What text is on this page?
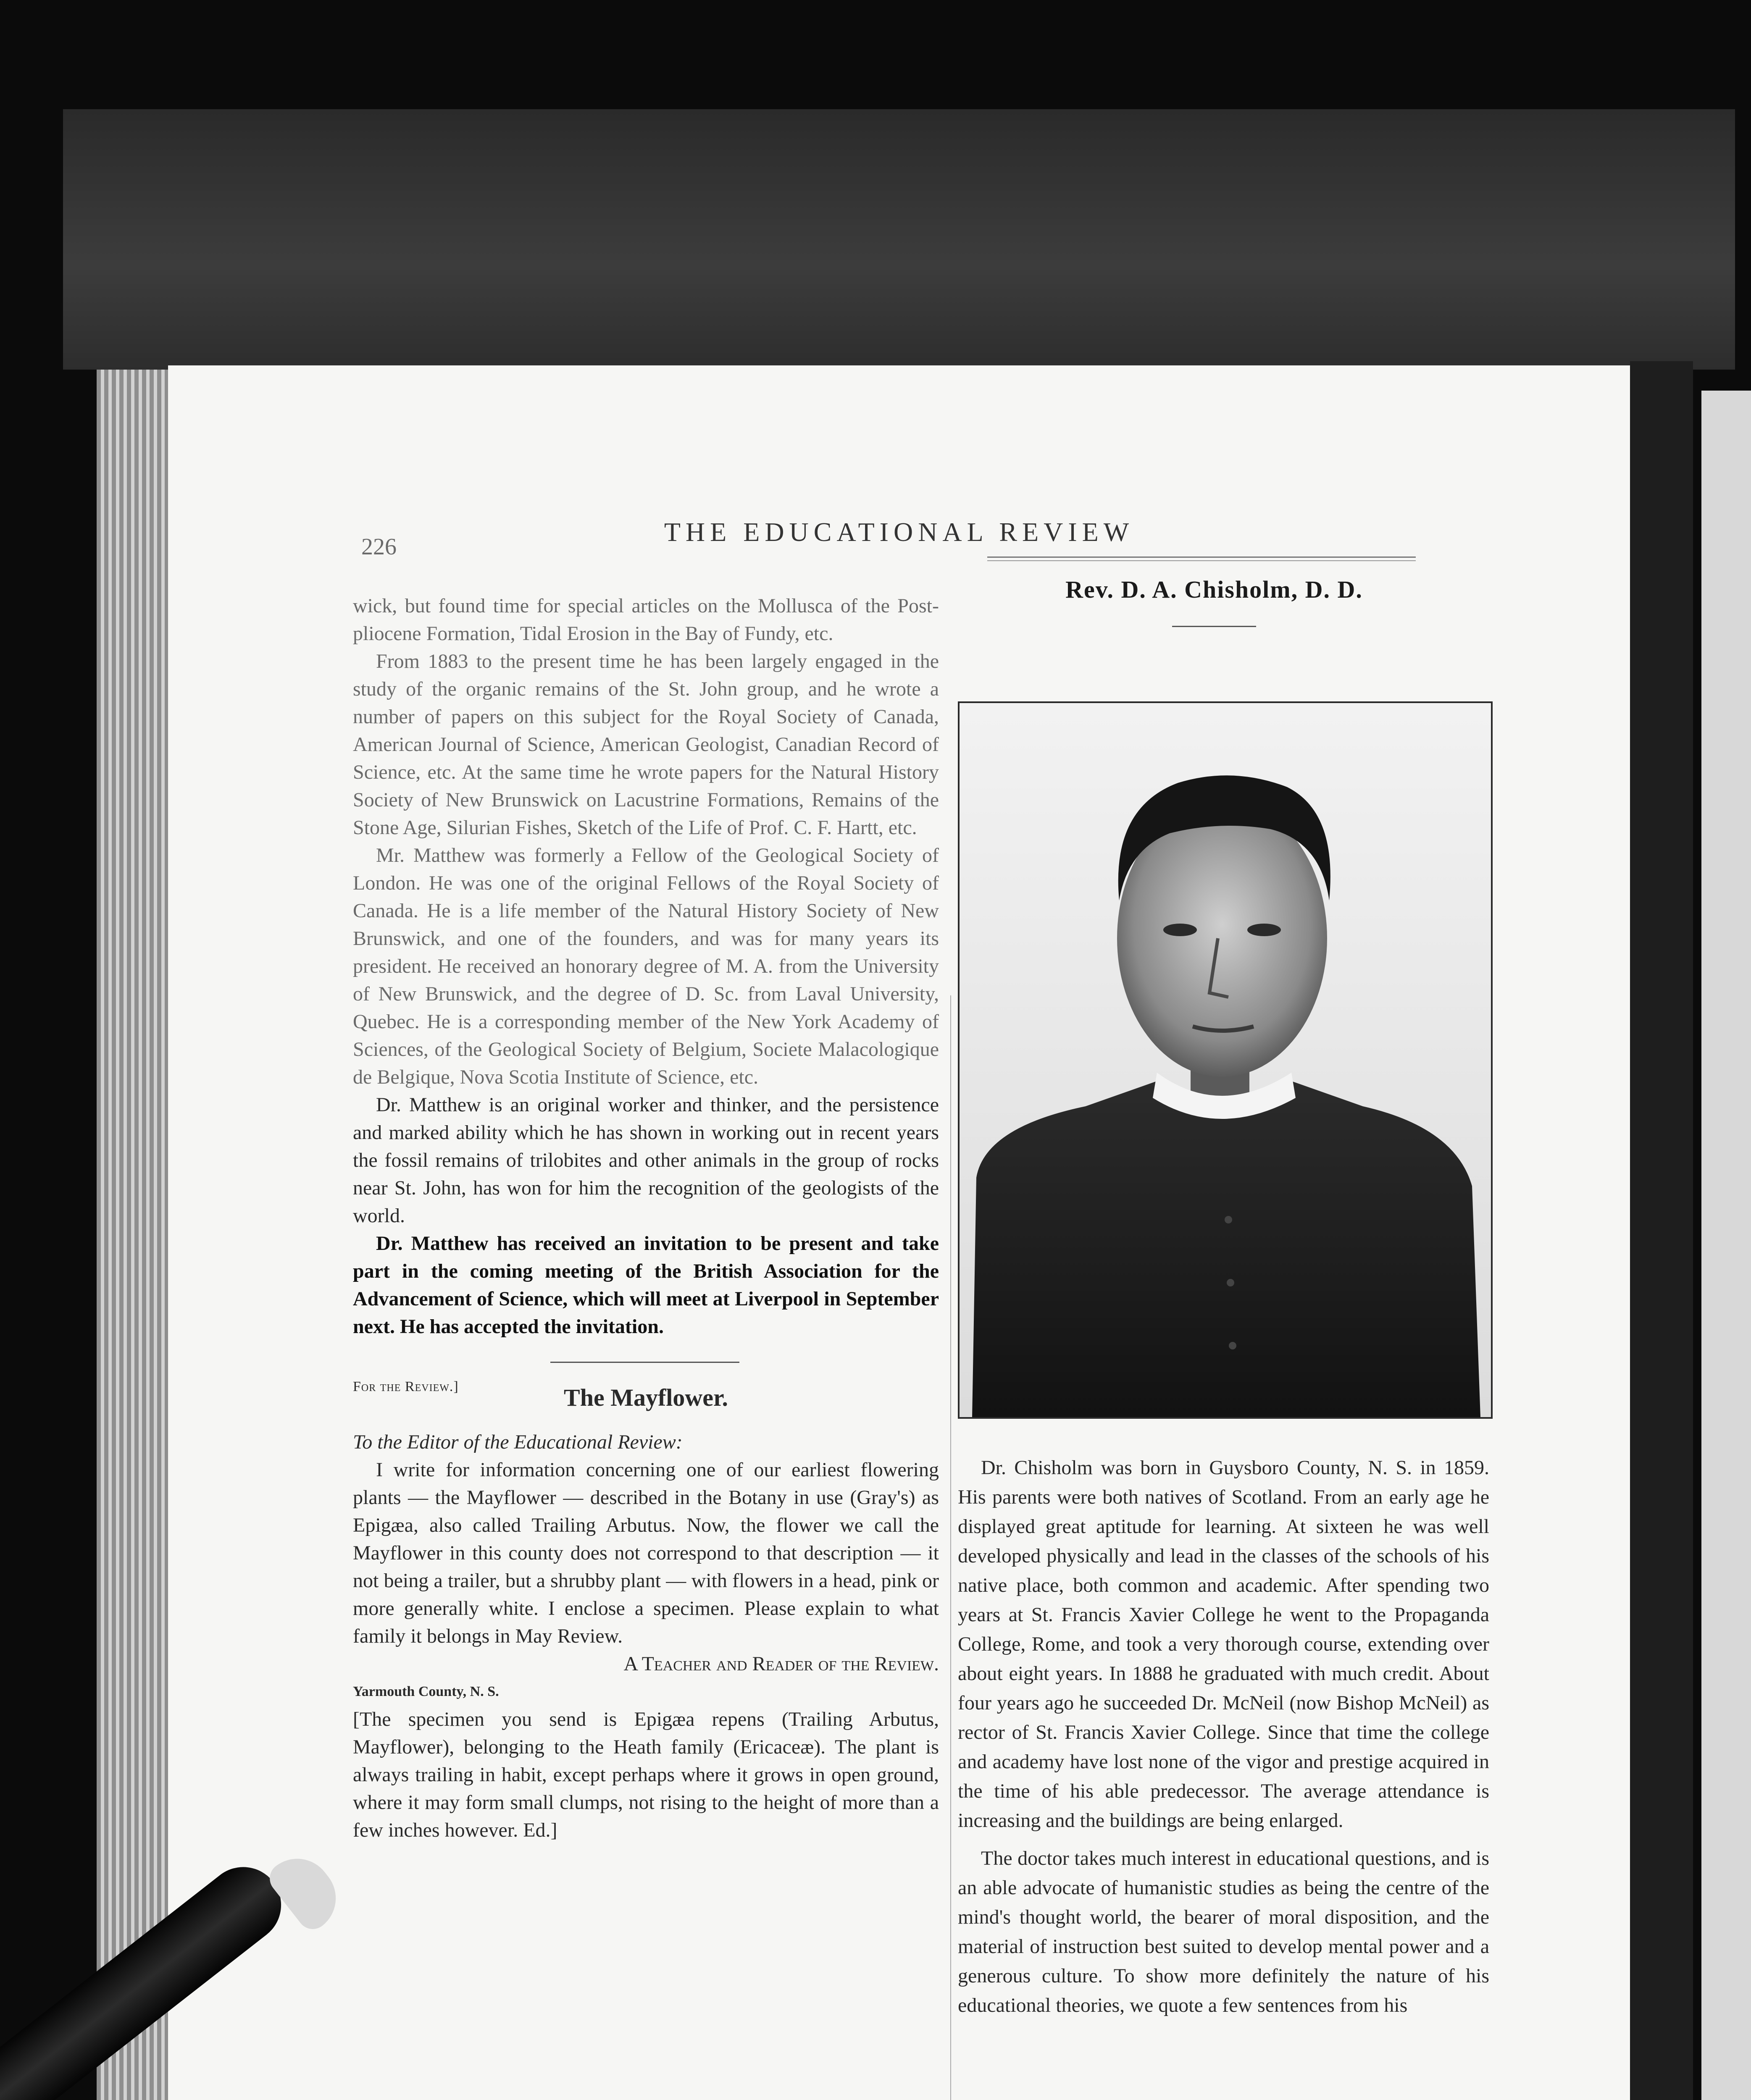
226	THE EDUCATIONAL REVIEW

wick, but found time for special articles on the Mollusca of the Post-pliocene Formation, Tidal Erosion in the Bay of Fundy, etc.

From 1883 to the present time he has been largely engaged in the study of the organic remains of the St. John group, and he wrote a number of papers on this subject for the Royal Society of Canada, American Journal of Science, American Geologist, Canadian Record of Science, etc. At the same time he wrote papers for the Natural History Society of New Brunswick on Lacustrine Formations, Remains of the Stone Age, Silurian Fishes, Sketch of the Life of Prof. C. F. Hartt, etc.

Mr. Matthew was formerly a Fellow of the Geological Society of London. He was one of the original Fellows of the Royal Society of Canada. He is a life member of the Natural History Society of New Brunswick, and one of the founders, and was for many years its president. He received an honorary degree of M. A. from the University of New Brunswick, and the degree of D. Sc. from Laval University, Quebec. He is a corresponding member of the New York Academy of Sciences, of the Geological Society of Belgium, Societe Malacologique de Belgique, Nova Scotia Institute of Science, etc.

Dr. Matthew is an original worker and thinker, and the persistence and marked ability which he has shown in working out in recent years the fossil remains of trilobites and other animals in the group of rocks near St. John, has won for him the recognition of the geologists of the world.

Dr. Matthew has received an invitation to be present and take part in the coming meeting of the British Association for the Advancement of Science, which will meet at Liverpool in September next. He has accepted the invitation.

For the Review.]	The Mayflower.

To the Editor of the Educational Review:

I write for information concerning one of our earliest flowering plants — the Mayflower — described in the Botany in use (Gray's) as Epigæa, also called Trailing Arbutus. Now, the flower we call the Mayflower in this county does not correspond to that description — it not being a trailer, but a shrubby plant — with flowers in a head, pink or more generally white. I enclose a specimen. Please explain to what family it belongs in May Review.

A Teacher and Reader of the Review.

Yarmouth County, N. S.

[The specimen you send is Epigæa repens (Trailing Arbutus, Mayflower), belonging to the Heath family (Ericaceæ). The plant is always trailing in habit, except perhaps where it grows in open ground, where it may form small clumps, not rising to the height of more than a few inches however. Ed.]

Rev. D. A. Chisholm, D. D.

Dr. Chisholm was born in Guysboro County, N. S. in 1859. His parents were both natives of Scotland. From an early age he displayed great aptitude for learning. At sixteen he was well developed physically and lead in the classes of the schools of his native place, both common and academic. After spending two years at St. Francis Xavier College he went to the Propaganda College, Rome, and took a very thorough course, extending over about eight years. In 1888 he graduated with much credit. About four years ago he succeeded Dr. McNeil (now Bishop McNeil) as rector of St. Francis Xavier College. Since that time the college and academy have lost none of the vigor and prestige acquired in the time of his able predecessor. The average attendance is increasing and the buildings are being enlarged.

The doctor takes much interest in educational questions, and is an able advocate of humanistic studies as being the centre of the mind's thought world, the bearer of moral disposition, and the material of instruction best suited to develop mental power and a generous culture. To show more definitely the nature of his educational theories, we quote a few sentences from his
